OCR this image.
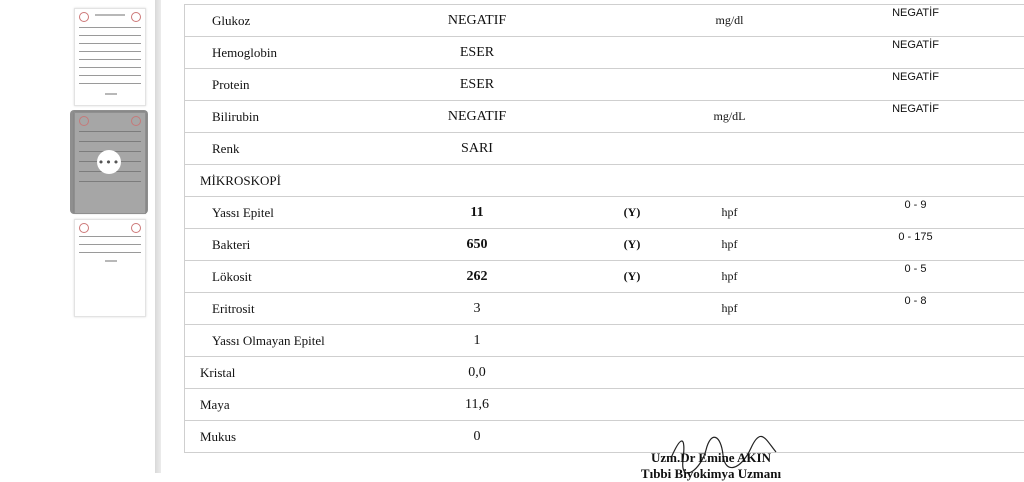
•••
Glukoz	NEGATIF		mg/dl	NEGATİF
Hemoglobin	ESER			NEGATİF
Protein	ESER			NEGATİF
Bilirubin	NEGATIF		mg/dL	NEGATİF
Renk	SARI			
MİKROSKOPİ				
Yassı Epitel	11	(Y)	hpf	0 - 9
Bakteri	650	(Y)	hpf	0 - 175
Lökosit	262	(Y)	hpf	0 - 5
Eritrosit	3		hpf	0 - 8
Yassı Olmayan Epitel	1			
Kristal	0,0			
Maya	11,6			
Mukus	0			
Uzm.Dr Emine AKIN
Tıbbi Biyokimya Uzmanı
